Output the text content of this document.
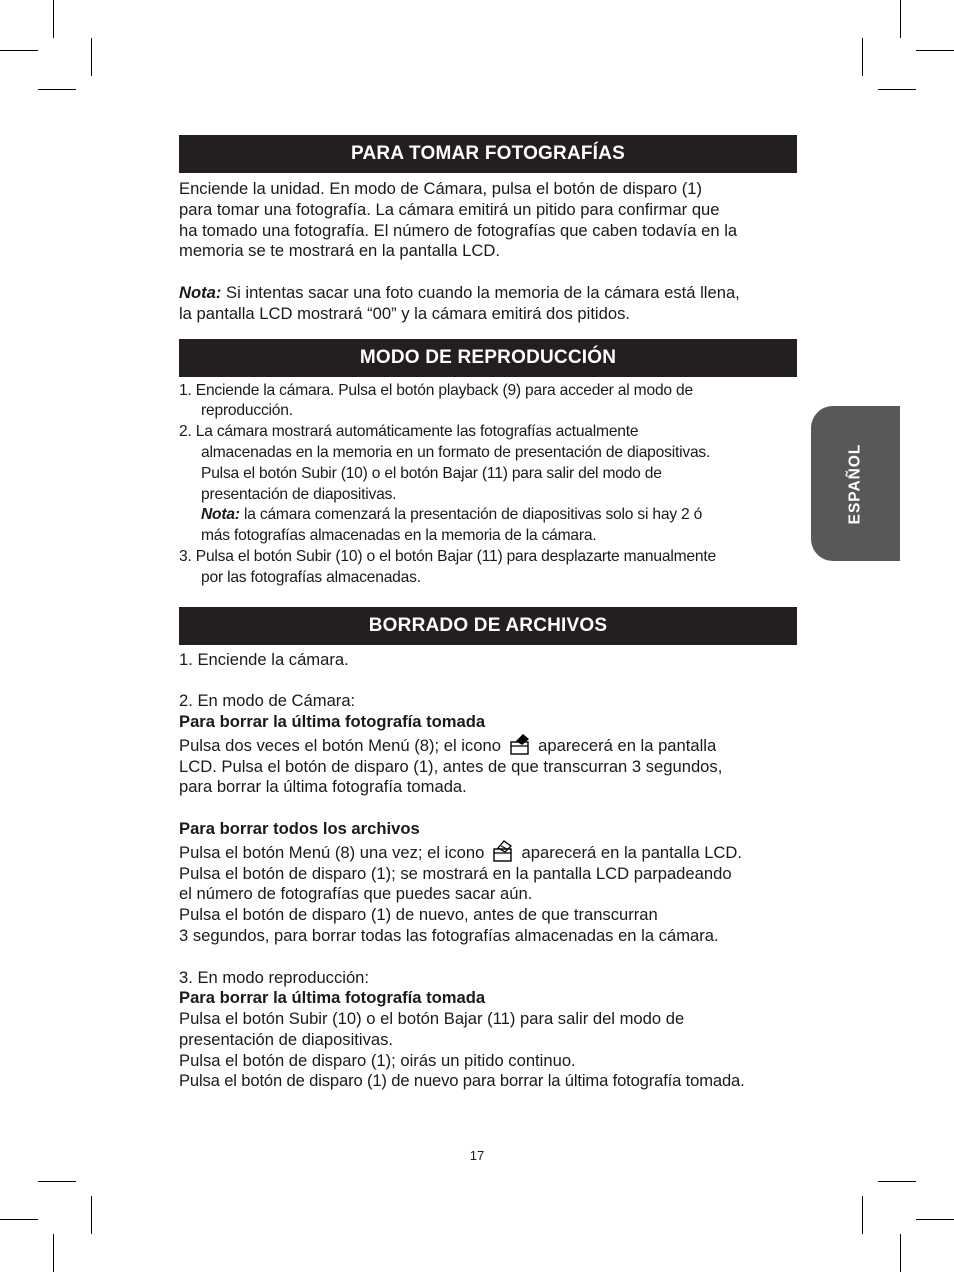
PARA TOMAR FOTOGRAFÍAS

Enciende la unidad. En modo de Cámara, pulsa el botón de disparo (1)
para tomar una fotografía. La cámara emitirá un pitido para confirmar que
ha tomado una fotografía. El número de fotografías que caben todavía en la
memoria se te mostrará en la pantalla LCD.

Nota: Si intentas sacar una foto cuando la memoria de la cámara está llena,
la pantalla LCD mostrará “00” y la cámara emitirá dos pitidos.

MODO DE REPRODUCCIÓN
1. Enciende la cámara. Pulsa el botón playback (9) para acceder al modo de
reproducción.
2. La cámara mostrará automáticamente las fotografías actualmente
almacenadas en la memoria en un formato de presentación de diapositivas.
Pulsa el botón Subir (10) o el botón Bajar (11) para salir del modo de
presentación de diapositivas.
Nota: la cámara comenzará la presentación de diapositivas solo si hay 2 ó
más fotografías almacenadas en la memoria de la cámara.
3. Pulsa el botón Subir (10) o el botón Bajar (11) para desplazarte manualmente
por las fotografías almacenadas.
BORRADO DE ARCHIVOS
1. Enciende la cámara.
2. En modo de Cámara:
Para borrar la última fotografía tomada
Pulsa dos veces el botón Menú (8); el icono  aparecerá en la pantalla
LCD. Pulsa el botón de disparo (1), antes de que transcurran 3 segundos,
para borrar la última fotografía tomada.
Para borrar todos los archivos
Pulsa el botón Menú (8) una vez; el icono  aparecerá en la pantalla LCD.
Pulsa el botón de disparo (1); se mostrará en la pantalla LCD parpadeando
el número de fotografías que puedes sacar aún.
Pulsa el botón de disparo (1) de nuevo, antes de que transcurran
3 segundos, para borrar todas las fotografías almacenadas en la cámara.
3. En modo reproducción:
Para borrar la última fotografía tomada
Pulsa el botón Subir (10) o el botón Bajar (11) para salir del modo de
presentación de diapositivas.
Pulsa el botón de disparo (1); oirás un pitido continuo.
Pulsa el botón de disparo (1) de nuevo para borrar la última fotografía tomada.
ESPAÑOL
17
